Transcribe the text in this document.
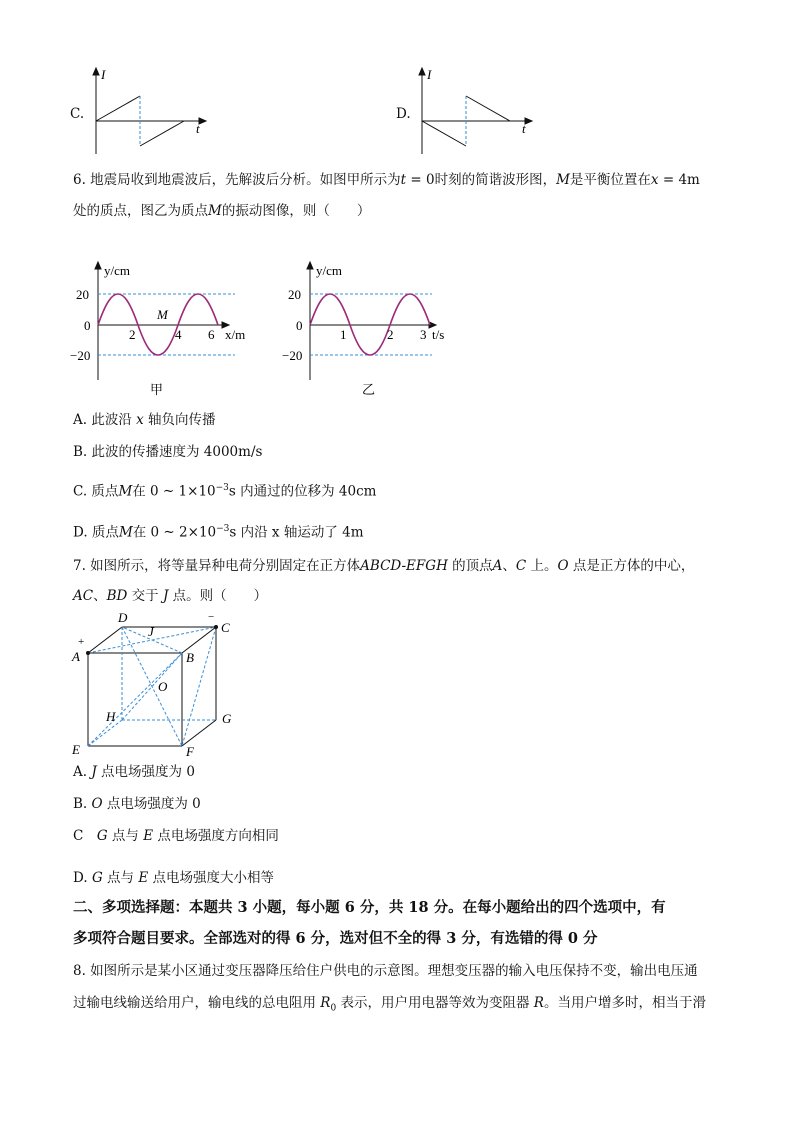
C.
I
t
D.
I
t
6. 地震局收到地震波后，先解波后分析。如图甲所示为t = 0时刻的简谐波形图，M是平衡位置在x = 4m
处的质点，图乙为质点M的振动图像，则（　　）
y/cm
20
0
−20
2	4 6
M
x/m
甲
y/cm
20
0
−20
1	2 3 t/s
乙
A. 此波沿 x 轴负向传播
B. 此波的传播速度为 4000m/s
C. 质点M在 0 ~ $1\times 10^{-3}s$ 内通过的位移为 40cm
D. 质点M在 0 ~ $2\times 10^{-3}s$ 内沿 x 轴运动了 4m
7. 如图所示，将等量异种电荷分别固定在正方体ABCD-EFGH 的顶点A、C 上。O 点是正方体的中心，
AC、BD 交于 J 点。则（　　）
A
+
B
C
−
D
J
O
H	G
E	F
A. J 点电场强度为 0
B. O 点电场强度为 0
C　G 点与 E 点电场强度方向相同
D. G 点与 E 点电场强度大小相等
二、多项选择题：本题共 3 小题，每小题 6 分，共 18 分。在每小题给出的四个选项中，有
多项符合题目要求。全部选对的得 6 分，选对但不全的得 3 分，有选错的得 0 分
8. 如图所示是某小区通过变压器降压给住户供电的示意图。理想变压器的输入电压保持不变，输出电压通
过输电线输送给用户，输电线的总电阻用 $R_0$ 表示，用户用电器等效为变阻器 R。当用户增多时，相当于滑
